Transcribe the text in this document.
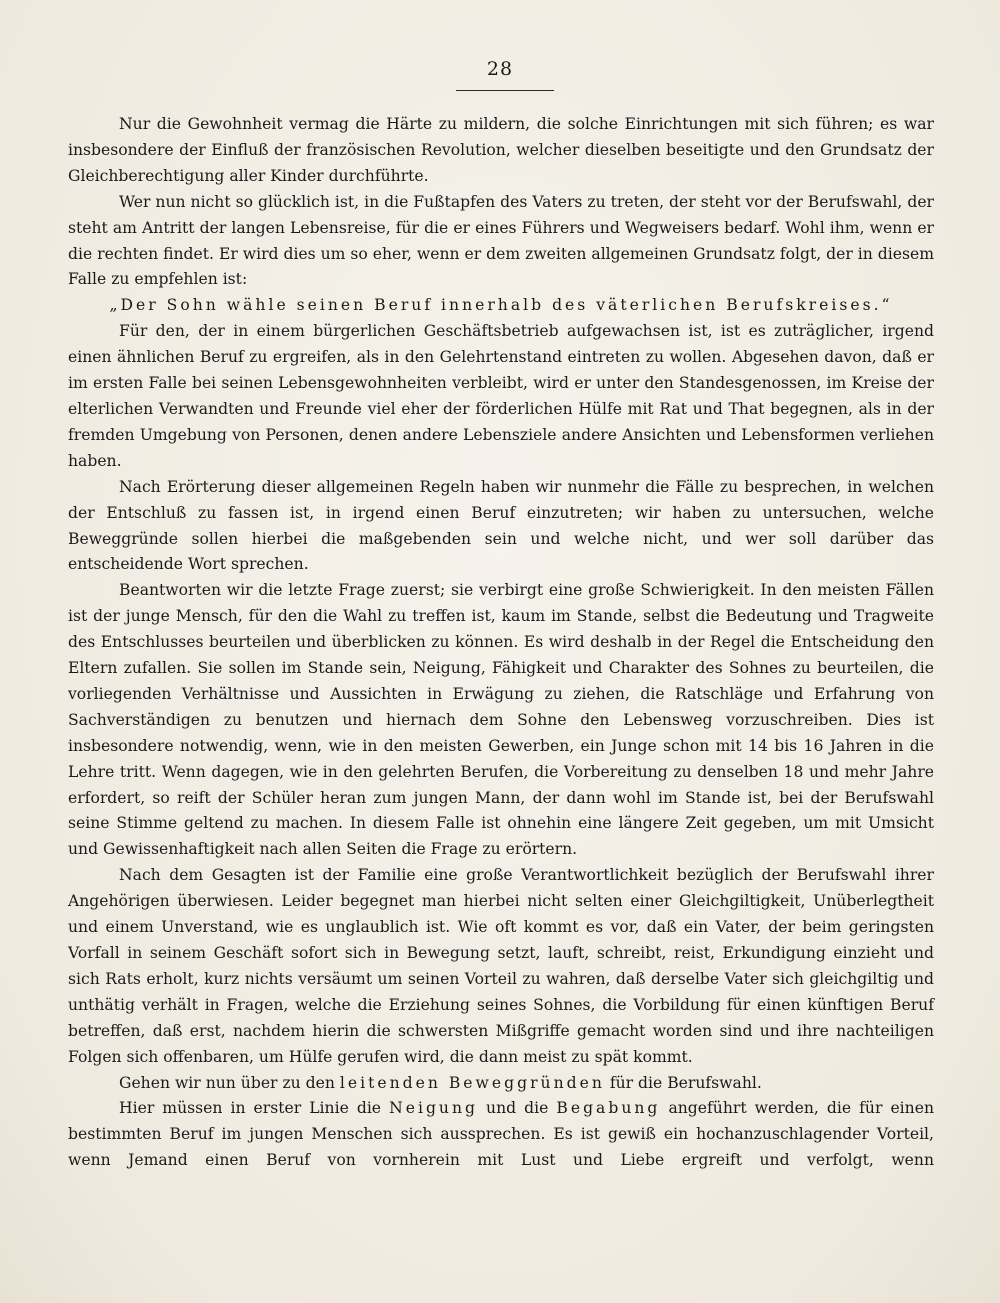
28

Nur die Gewohnheit vermag die Härte zu mildern, die solche Einrichtungen mit sich führen; es war insbesondere der Einfluß der französischen Revolution, welcher dieselben beseitigte und den Grundsatz der Gleichberechtigung aller Kinder durchführte.

Wer nun nicht so glücklich ist, in die Fußtapfen des Vaters zu treten, der steht vor der Berufswahl, der steht am Antritt der langen Lebensreise, für die er eines Führers und Wegweisers bedarf. Wohl ihm, wenn er die rechten findet. Er wird dies um so eher, wenn er dem zweiten allgemeinen Grundsatz folgt, der in diesem Falle zu empfehlen ist:

„Der Sohn wähle seinen Beruf innerhalb des väterlichen Berufskreises.“

Für den, der in einem bürgerlichen Geschäftsbetrieb aufgewachsen ist, ist es zuträglicher, irgend einen ähnlichen Beruf zu ergreifen, als in den Gelehrtenstand eintreten zu wollen. Abgesehen davon, daß er im ersten Falle bei seinen Lebensgewohnheiten verbleibt, wird er unter den Standesgenossen, im Kreise der elterlichen Verwandten und Freunde viel eher der förderlichen Hülfe mit Rat und That begegnen, als in der fremden Umgebung von Personen, denen andere Lebensziele andere Ansichten und Lebensformen verliehen haben.

Nach Erörterung dieser allgemeinen Regeln haben wir nunmehr die Fälle zu besprechen, in welchen der Entschluß zu fassen ist, in irgend einen Beruf einzutreten; wir haben zu untersuchen, welche Beweggründe sollen hierbei die maßgebenden sein und welche nicht, und wer soll darüber das entscheidende Wort sprechen.

Beantworten wir die letzte Frage zuerst; sie verbirgt eine große Schwierigkeit. In den meisten Fällen ist der junge Mensch, für den die Wahl zu treffen ist, kaum im Stande, selbst die Bedeutung und Tragweite des Entschlusses beurteilen und überblicken zu können. Es wird deshalb in der Regel die Entscheidung den Eltern zufallen. Sie sollen im Stande sein, Neigung, Fähigkeit und Charakter des Sohnes zu beurteilen, die vorliegenden Verhältnisse und Aussichten in Erwägung zu ziehen, die Ratschläge und Erfahrung von Sachverständigen zu benutzen und hiernach dem Sohne den Lebensweg vorzuschreiben. Dies ist insbesondere notwendig, wenn, wie in den meisten Gewerben, ein Junge schon mit 14 bis 16 Jahren in die Lehre tritt. Wenn dagegen, wie in den gelehrten Berufen, die Vorbereitung zu denselben 18 und mehr Jahre erfordert, so reift der Schüler heran zum jungen Mann, der dann wohl im Stande ist, bei der Berufswahl seine Stimme geltend zu machen. In diesem Falle ist ohnehin eine längere Zeit gegeben, um mit Umsicht und Gewissenhaftigkeit nach allen Seiten die Frage zu erörtern.

Nach dem Gesagten ist der Familie eine große Verantwortlichkeit bezüglich der Berufswahl ihrer Angehörigen überwiesen. Leider begegnet man hierbei nicht selten einer Gleichgiltigkeit, Unüberlegtheit und einem Unverstand, wie es unglaublich ist. Wie oft kommt es vor, daß ein Vater, der beim geringsten Vorfall in seinem Geschäft sofort sich in Bewegung setzt, lauft, schreibt, reist, Erkundigung einzieht und sich Rats erholt, kurz nichts versäumt um seinen Vorteil zu wahren, daß derselbe Vater sich gleichgiltig und unthätig verhält in Fragen, welche die Erziehung seines Sohnes, die Vorbildung für einen künftigen Beruf betreffen, daß erst, nachdem hierin die schwersten Mißgriffe gemacht worden sind und ihre nachteiligen Folgen sich offenbaren, um Hülfe gerufen wird, die dann meist zu spät kommt.

Gehen wir nun über zu den leitenden Beweggründen für die Berufswahl.

Hier müssen in erster Linie die Neigung und die Begabung angeführt werden, die für einen bestimmten Beruf im jungen Menschen sich aussprechen. Es ist gewiß ein hochanzuschlagender Vorteil, wenn Jemand einen Beruf von vornherein mit Lust und Liebe ergreift und verfolgt, wenn
